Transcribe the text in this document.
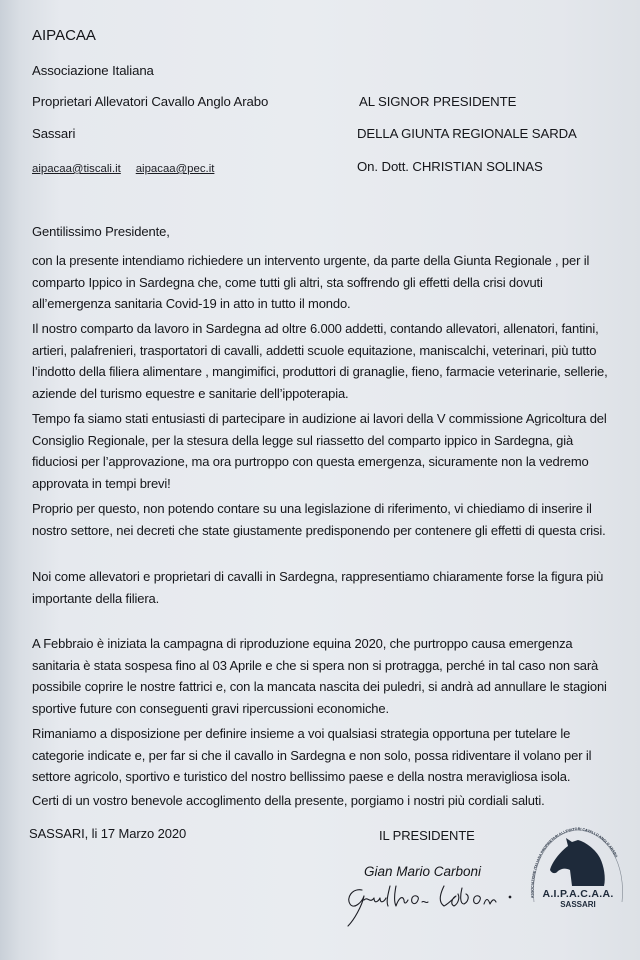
AIPACAA
Associazione Italiana
Proprietari Allevatori Cavallo Anglo Arabo
Sassari
aipacaa@tiscali.it aipacaa@pec.it
AL SIGNOR PRESIDENTE
DELLA GIUNTA REGIONALE SARDA
On. Dott. CHRISTIAN SOLINAS
Gentilissimo Presidente,

con la presente intendiamo richiedere un intervento urgente, da parte della Giunta Regionale , per il comparto Ippico in Sardegna che, come tutti gli altri, sta soffrendo gli effetti della crisi dovuti all’emergenza sanitaria Covid-19 in atto in tutto il mondo.

Il nostro comparto da lavoro in Sardegna ad oltre 6.000 addetti, contando allevatori, allenatori, fantini, artieri, palafrenieri, trasportatori di cavalli, addetti scuole equitazione, maniscalchi, veterinari, più tutto l’indotto della filiera alimentare , mangimifici, produttori di granaglie, fieno, farmacie veterinarie, sellerie, aziende del turismo equestre e sanitarie dell’ippoterapia.

Tempo fa siamo stati entusiasti di partecipare in audizione ai lavori della V commissione Agricoltura del Consiglio Regionale, per la stesura della legge sul riassetto del comparto ippico in Sardegna, già fiduciosi per l’approvazione, ma ora purtroppo con questa emergenza, sicuramente non la vedremo approvata in tempi brevi!

Proprio per questo, non potendo contare su una legislazione di riferimento, vi chiediamo di inserire il nostro settore, nei decreti che state giustamente predisponendo per contenere gli effetti di questa crisi.

Noi come allevatori e proprietari di cavalli in Sardegna, rappresentiamo chiaramente forse la figura più importante della filiera.

A Febbraio è iniziata la campagna di riproduzione equina 2020, che purtroppo causa emergenza sanitaria è stata sospesa fino al 03 Aprile e che si spera non si protragga, perché in tal caso non sarà possibile coprire le nostre fattrici e, con la mancata nascita dei puledri, si andrà ad annullare le stagioni sportive future con conseguenti gravi ripercussioni economiche.

Rimaniamo a disposizione per definire insieme a voi qualsiasi strategia opportuna per tutelare le categorie indicate e, per far si che il cavallo in Sardegna e non solo, possa ridiventare il volano per il settore agricolo, sportivo e turistico del nostro bellissimo paese e della nostra meravigliosa isola.

Certi di un vostro benevole accoglimento della presente, porgiamo i nostri più cordiali saluti.

SASSARI, li 17 Marzo 2020	IL PRESIDENTE
Gian Mario Carboni
ASSOCIAZIONE ITALIANA PROPRIETARI ALLEVATORI CAVALLO ANGLO ARABO
A.I.P.A.C.A.A.
SASSARI
